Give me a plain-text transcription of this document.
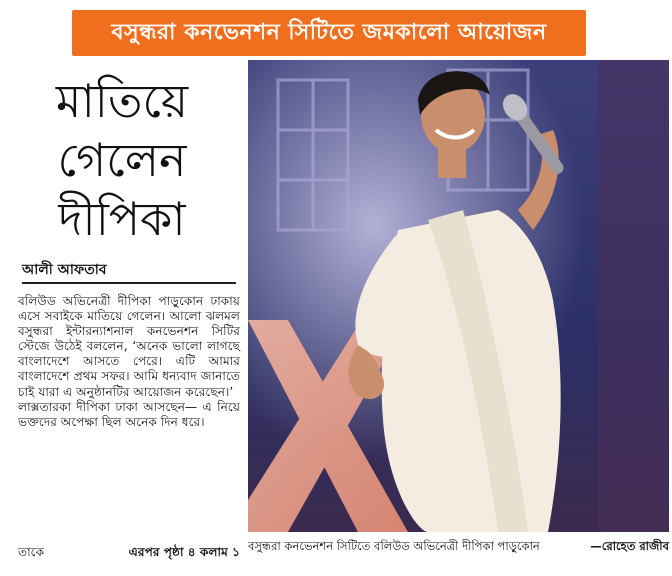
বসুন্ধরা কনভেনশন সিটিতে জমকালো আয়োজন
মাতিয়ে
গেলেন
দীপিকা
আলী আফতাব

বলিউড অভিনেত্রী দীপিকা পাড়ুকোন ঢাকায় এসে সবাইকে মাতিয়ে গেলেন। আলো ঝলমল বসুন্ধরা ইন্টারন্যাশনাল কনভেনশন সিটির স্টেজে উঠেই বললেন, ‘অনেক ভালো লাগছে বাংলাদেশে আসতে পেরে। এটি আমার বাংলাদেশে প্রথম সফর। আমি ধন্যবাদ জানাতে চাই যারা এ অনুষ্ঠানটির আয়োজন করেছেন।’

লাক্সতারকা দীপিকা ঢাকা আসছেন— এ নিয়ে ভক্তদের অপেক্ষা ছিল অনেক দিন ধরে।

তাকে	এরপর পৃষ্ঠা ৪ কলাম ১ বসুন্ধরা কনভেনশন সিটিতে বলিউড অভিনেত্রী দীপিকা পাড়ুকোন	—রোহেত রাজীব
